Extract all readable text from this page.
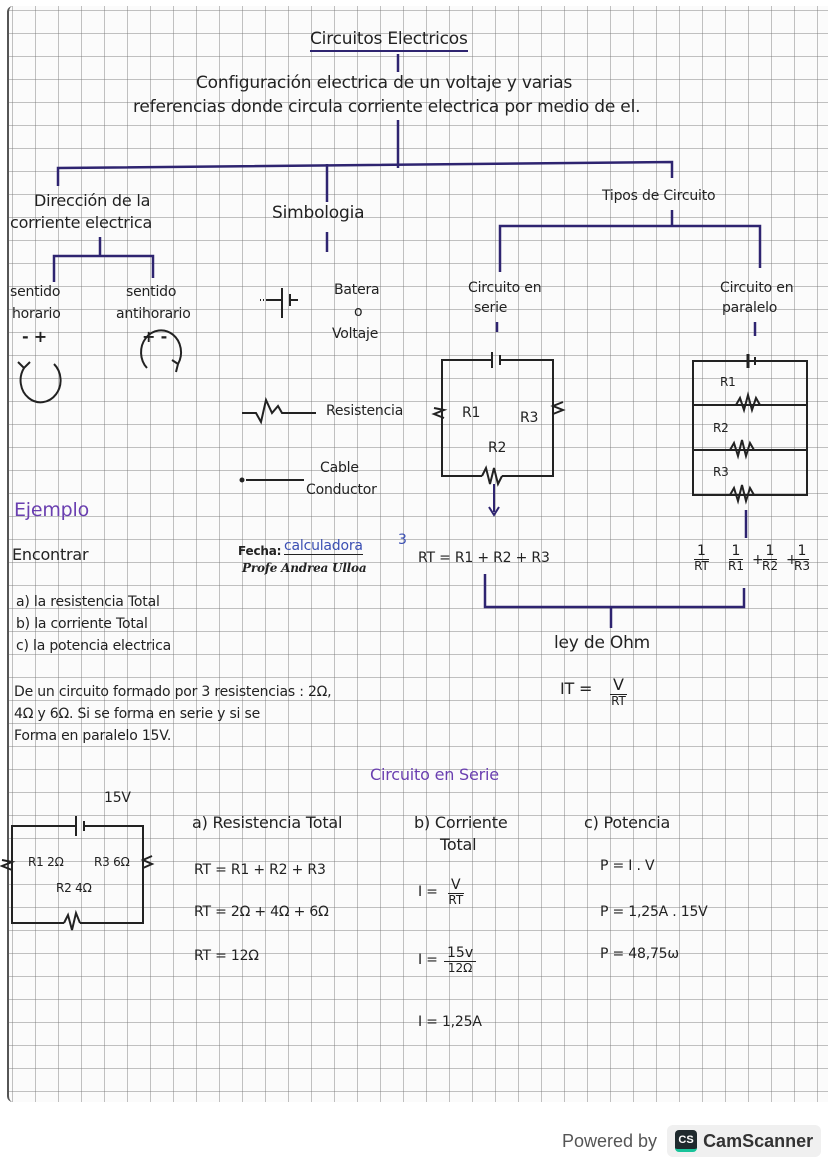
Circuitos Electricos
Configuración electrica de un voltaje y varias
referencias donde circula corriente electrica por medio de el.
Dirección de la
corriente electrica
sentido
horario
- +
sentido
antihorario
+ -
Simbologia
Batera
o
Voltaje
Resistencia
Cable
Conductor
Tipos de Circuito
Circuito en
serie
Circuito en
paralelo
R1
R2
R3
R1
R2
R3
Fecha: calculadora	3
Profe Andrea Ulloa
RT = R1 + R2 + R3	$\frac{1}{RT} \frac{1}{R1}$ +
$\frac{1}{R2}$ +
$\frac{1}{R3}$
ley de Ohm
IT = V
RT
Ejemplo
Encontrar
a) la resistencia Total
b) la corriente Total
c) la potencia electrica
De un circuito formado por 3 resistencias : 2Ω,
4Ω y 6Ω. Si se forma en serie y si se
Forma en paralelo 15V.
Circuito en Serie
15V
R1 2Ω	R3 6Ω
R2 4Ω
a) Resistencia Total
RT = R1 + R2 + R3
RT = 2Ω + 4Ω + 6Ω
RT = 12Ω
b) Corriente
Total
$I = \frac{V}{RT}$
$I = \frac{15v}{12\Omega}$
I = 1,25A
c) Potencia
P = I . V
P = 1,25A . 15V
P = 48,75ω
Powered by	CS CamScanner
